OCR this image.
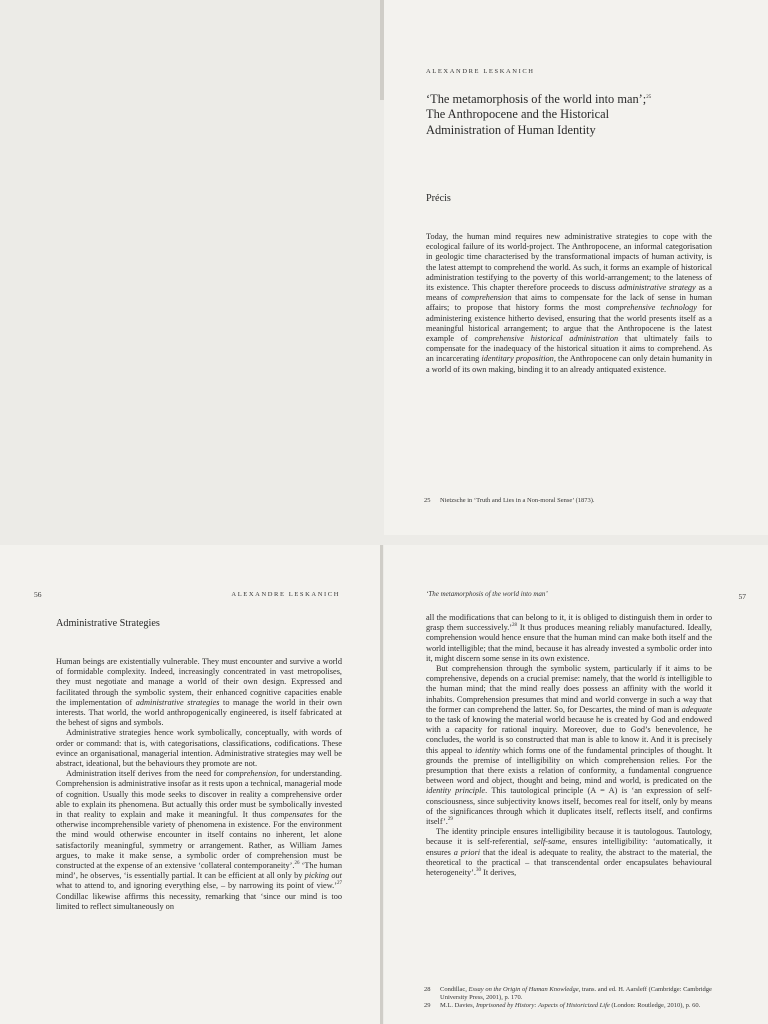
ALEXANDRE LESKANICH
‘The metamorphosis of the world into man’;$^{25}$
The Anthropocene and the Historical
Administration of Human Identity
Précis

Today, the human mind requires new administrative strategies to cope with the ecological failure of its world-project. The Anthropocene, an informal categorisation in geologic time characterised by the transformational impacts of human activity, is the latest attempt to comprehend the world. As such, it forms an example of historical administration testifying to the poverty of this world-arrangement; to the lateness of its existence. This chapter therefore proceeds to discuss administrative strategy as a means of comprehension that aims to compensate for the lack of sense in human affairs; to propose that history forms the most comprehensive technology for administering existence hitherto devised, ensuring that the world presents itself as a meaningful historical arrangement; to argue that the Anthropocene is the latest example of comprehensive historical administration that ultimately fails to compensate for the inadequacy of the historical situation it aims to comprehend. As an incarcerating identitary proposition, the Anthropocene can only detain humanity in a world of its own making, binding it to an already antiquated existence.

25	Nietzsche in ‘Truth and Lies in a Non-moral Sense’ (1873).
56	ALEXANDRE LESKANICH
Administrative Strategies

Human beings are existentially vulnerable. They must encounter and survive a world of formidable complexity. Indeed, increasingly concentrated in vast metropolises, they must negotiate and manage a world of their own design. Expressed and facilitated through the symbolic system, their enhanced cognitive capacities enable the implementation of administrative strategies to manage the world in their own interests. That world, the world anthropogenically engineered, is itself fabricated at the behest of signs and symbols.

Administrative strategies hence work symbolically, conceptually, with words of order or command: that is, with categorisations, classifications, codifications. These evince an organisational, managerial intention. Administrative strategies may well be abstract, ideational, but the behaviours they promote are not.

Administration itself derives from the need for comprehension, for understanding. Comprehension is administrative insofar as it rests upon a technical, managerial mode of cognition. Usually this mode seeks to discover in reality a comprehensive order able to explain its phenomena. But actually this order must be symbolically invested in that reality to explain and make it meaningful. It thus compensates for the otherwise incomprehensible variety of phenomena in existence. For the environment the mind would otherwise encounter in itself contains no inherent, let alone satisfactorily meaningful, symmetry or arrangement. Rather, as William James argues, to make it make sense, a symbolic order of comprehension must be constructed at the expense of an extensive ‘collateral contemporaneity’.$^{26}$ ‘The human mind’, he observes, ‘is essentially partial. It can be efficient at all only by picking out what to attend to, and ignoring everything else, – by narrowing its point of view.’$^{27}$ Condillac likewise affirms this necessity, remarking that ‘since our mind is too limited to reflect simultaneously on

‘The metamorphosis of the world into man’	57

all the modifications that can belong to it, it is obliged to distinguish them in order to grasp them successively.’$^{28}$ It thus produces meaning reliably manufactured. Ideally, comprehension would hence ensure that the human mind can make both itself and the world intelligible; that the mind, because it has already invested a symbolic order into it, might discern some sense in its own existence.

But comprehension through the symbolic system, particularly if it aims to be comprehensive, depends on a crucial premise: namely, that the world is intelligible to the human mind; that the mind really does possess an affinity with the world it inhabits. Comprehension presumes that mind and world converge in such a way that the former can comprehend the latter. So, for Descartes, the mind of man is adequate to the task of knowing the material world because he is created by God and endowed with a capacity for rational inquiry. Moreover, due to God’s benevolence, he concludes, the world is so constructed that man is able to know it. And it is precisely this appeal to identity which forms one of the fundamental principles of thought. It grounds the premise of intelligibility on which comprehension relies. For the presumption that there exists a relation of conformity, a fundamental congruence between word and object, thought and being, mind and world, is predicated on the identity principle. This tautological principle (A = A) is ‘an expression of self-consciousness, since subjectivity knows itself, becomes real for itself, only by means of the significances through which it duplicates itself, reflects itself, and confirms itself’.$^{29}$

The identity principle ensures intelligibility because it is tautologous. Tautology, because it is self-referential, self-same, ensures intelligibility: ‘automatically, it ensures a priori that the ideal is adequate to reality, the abstract to the material, the theoretical to the practical – that transcendental order encapsulates behavioural heterogeneity’.$^{30}$ It derives,

28	Condillac, Essay on the Origin of Human Knowledge, trans. and ed. H. Aarsleff (Cambridge: Cambridge University Press, 2001), p. 170.
29	M.L. Davies, Imprisoned by History: Aspects of Historicized Life (London: Routledge, 2010), p. 60.
